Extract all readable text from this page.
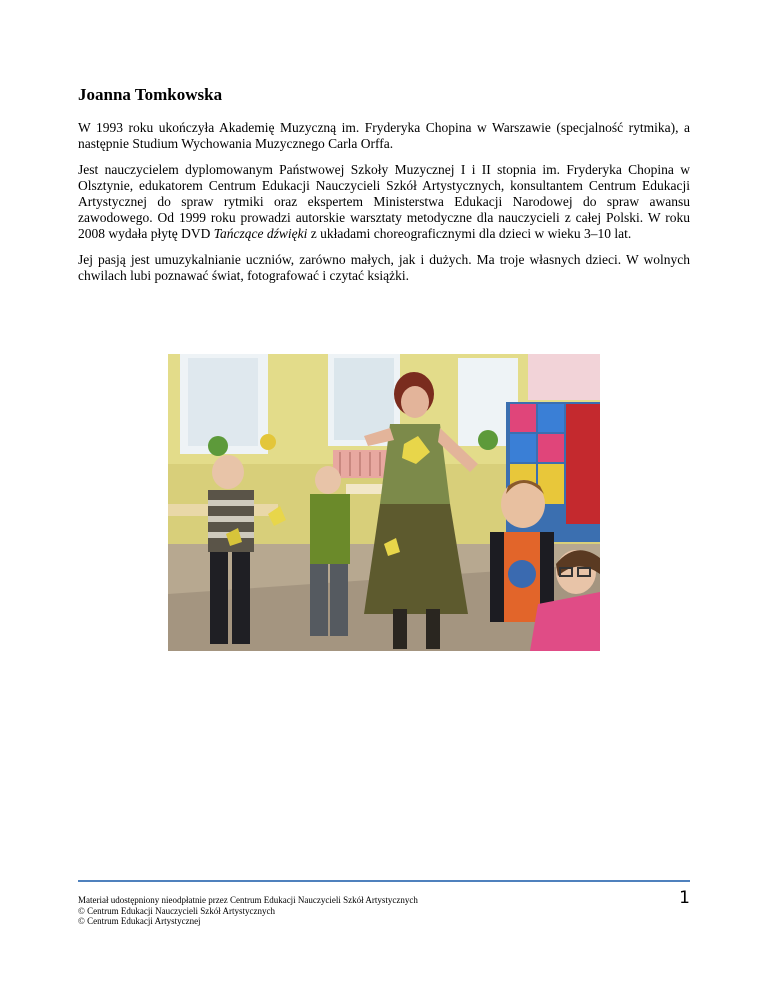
Joanna Tomkowska

W 1993 roku ukończyła Akademię Muzyczną im. Fryderyka Chopina w Warszawie (specjalność rytmika), a następnie Studium Wychowania Muzycznego Carla Orffa.

Jest nauczycielem dyplomowanym Państwowej Szkoły Muzycznej I i II stopnia im. Fryderyka Chopina w Olsztynie, edukatorem Centrum Edukacji Nauczycieli Szkół Artystycznych, konsultantem Centrum Edukacji Artystycznej do spraw rytmiki oraz ekspertem Ministerstwa Edukacji Narodowej do spraw awansu zawodowego. Od 1999 roku prowadzi autorskie warsztaty metodyczne dla nauczycieli z całej Polski. W roku 2008 wydała płytę DVD Tańczące dźwięki z układami choreograficznymi dla dzieci w wieku 3–10 lat.

Jej pasją jest umuzykalnianie uczniów, zarówno małych, jak i dużych. Ma troje własnych dzieci. W wolnych chwilach lubi poznawać świat, fotografować i czytać książki.

Materiał udostępniony nieodpłatnie przez Centrum Edukacji Nauczycieli Szkół Artystycznych
© Centrum Edukacji Nauczycieli Szkół Artystycznych
© Centrum Edukacji Artystycznej
1
